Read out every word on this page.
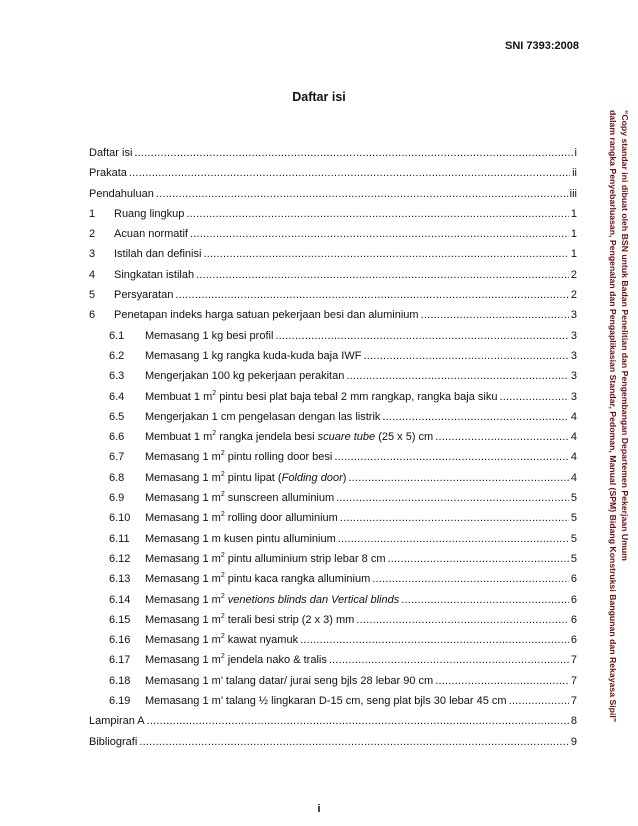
SNI 7393:2008
Daftar isi
“Copy standar ini dibuat oleh BSN untuk Badan Penelitian dan Pengembangan Departemen Pekerjaan Umum
dalam rangka Penyebarluasan, Pengenalan dan Pengaplikasian Standar, Pedoman, Manual (SPM) Bidang Konstruksi Bangunan dan Rekayasa Sipil”
Daftar isi .....	i
Prakata .....	ii
Pendahuluan .....	iii
1	Ruang lingkup .....	1
2	Acuan normatif .....	1
3	Istilah dan definisi .....	1
4	Singkatan istilah .....	2
5	Persyaratan .....	2
6	Penetapan indeks harga satuan pekerjaan besi dan aluminium .....	3
6.1	Memasang 1 kg besi profil .....	3
6.2	Memasang 1 kg rangka kuda-kuda baja IWF .....	3
6.3	Mengerjakan 100 kg pekerjaan perakitan .....	3
6.4	Membuat 1 $m^2$ pintu besi plat baja tebal 2 mm rangkap, rangka baja siku .....	3
6.5	Mengerjakan 1 cm pengelasan dengan las listrik .....	4
6.6	Membuat 1 $m^2$ rangka jendela besi scuare tube (25 x 5) cm .....	4
6.7	Memasang 1 $m^2$ pintu rolling door besi .....	4
6.8	Memasang 1 $m^2$ pintu lipat (Folding door) .....	4
6.9	Memasang 1 $m^2$ sunscreen alluminium .....	5
6.10	Memasang 1 $m^2$ rolling door alluminium .....	5
6.11	Memasang 1 m kusen pintu alluminium .....	5
6.12	Memasang 1 $m^2$ pintu alluminium strip lebar 8 cm .....	5
6.13	Memasang 1 $m^2$ pintu kaca rangka alluminium .....	6
6.14	Memasang 1 $m^2$ venetions blinds dan Vertical blinds .....	6
6.15	Memasang 1 $m^2$ terali besi strip (2 x 3) mm .....	6
6.16	Memasang 1 $m^2$ kawat nyamuk .....	6
6.17	Memasang 1 $m^2$ jendela nako & tralis .....	7
6.18	Memasang 1 m’ talang datar/ jurai seng bjls 28 lebar 90 cm .....	7
6.19	Memasang 1 m’ talang ½ lingkaran D-15 cm, seng plat bjls 30 lebar 45 cm .....	7
Lampiran A .....	8
Bibliografi .....	9
i
